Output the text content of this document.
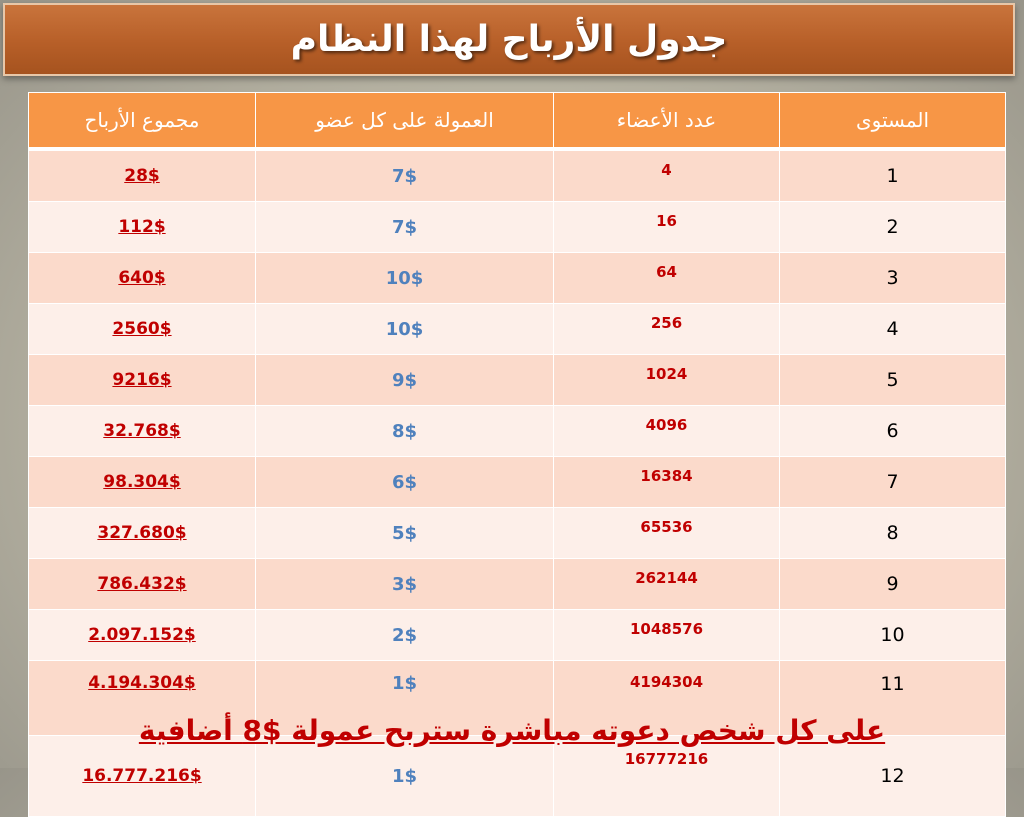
جدول الأرباح لهذا النظام
المستوى	عدد الأعضاء	العمولة على كل عضو	مجموع الأرباح
1	4	7$	28$
2	16	7$	112$
3	64	10$	640$
4	256	10$	2560$
5	1024	9$	9216$
6	4096	8$	32.768$
7	16384	6$	98.304$
8	65536	5$	327.680$
9	262144	3$	786.432$
10	1048576	2$	2.097.152$
11	4194304	1$	4.194.304$
12	16777216	1$	16.777.216$
على كل شخص دعوته مباشرة ستربح عمولة $8 أضافية
